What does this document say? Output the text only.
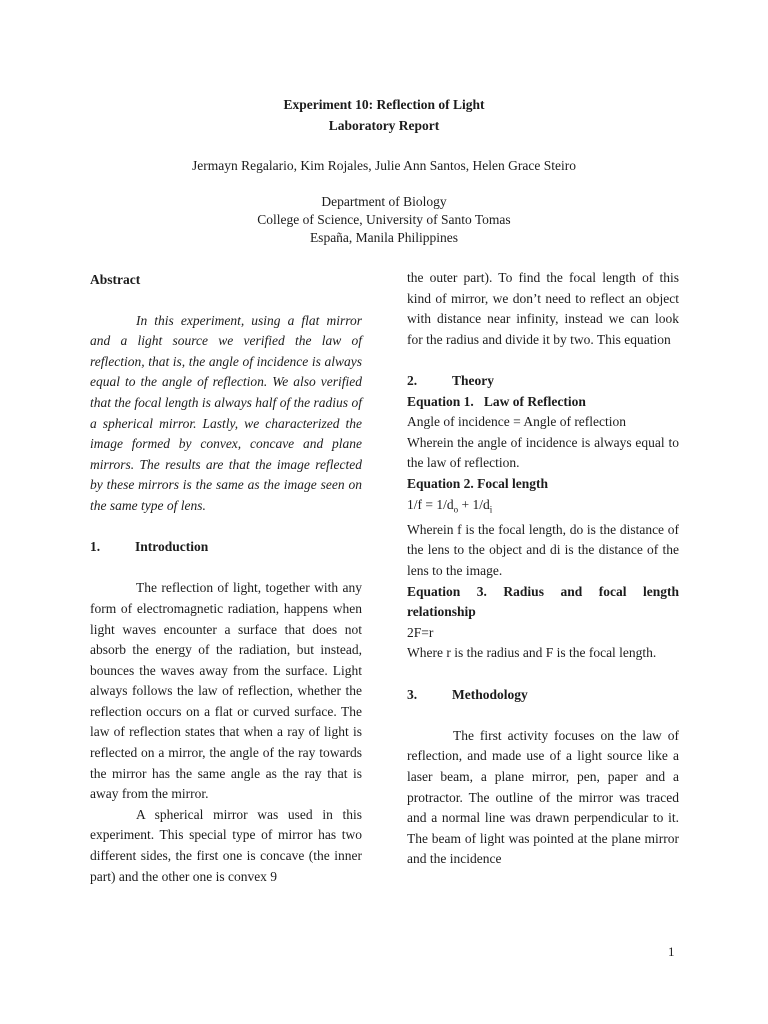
Experiment 10: Reflection of Light
Laboratory Report
Jermayn Regalario, Kim Rojales, Julie Ann Santos, Helen Grace Steiro
Department of Biology
College of Science, University of Santo Tomas
España, Manila Philippines
Abstract

In this experiment, using a flat mirror and a light source we verified the law of reflection, that is, the angle of incidence is always equal to the angle of reflection. We also verified that the focal length is always half of the radius of a spherical mirror. Lastly, we characterized the image formed by convex, concave and plane mirrors. The results are that the image reflected by these mirrors is the same as the image seen on the same type of lens.

1.	Introduction

The reflection of light, together with any form of electromagnetic radiation, happens when light waves encounter a surface that does not absorb the energy of the radiation, but instead, bounces the waves away from the surface. Light always follows the law of reflection, whether the reflection occurs on a flat or curved surface. The law of reflection states that when a ray of light is reflected on a mirror, the angle of the ray towards the mirror has the same angle as the ray that is away from the mirror.

A spherical mirror was used in this experiment. This special type of mirror has two different sides, the first one is concave (the inner part) and the other one is convex 9

the outer part). To find the focal length of this kind of mirror, we don’t need to reflect an object with distance near infinity, instead we can look for the radius and divide it by two. This equation

2.	Theory
Equation 1.   Law of Reflection
Angle of incidence = Angle of reflection

Wherein the angle of incidence is always equal to the law of reflection.

Equation 2. Focal length
$1/f = 1/d_o + 1/d_i$

Wherein f is the focal length, do is the distance of the lens to the object and di is the distance of the lens to the image.

Equation 3. Radius and focal length relationship

2F=r

Where r is the radius and F is the focal length.

3.	Methodology

The first activity focuses on the law of reflection, and made use of a light source like a laser beam, a plane mirror, pen, paper and a protractor. The outline of the mirror was traced and a normal line was drawn perpendicular to it. The beam of light was pointed at the plane mirror and the incidence

1
